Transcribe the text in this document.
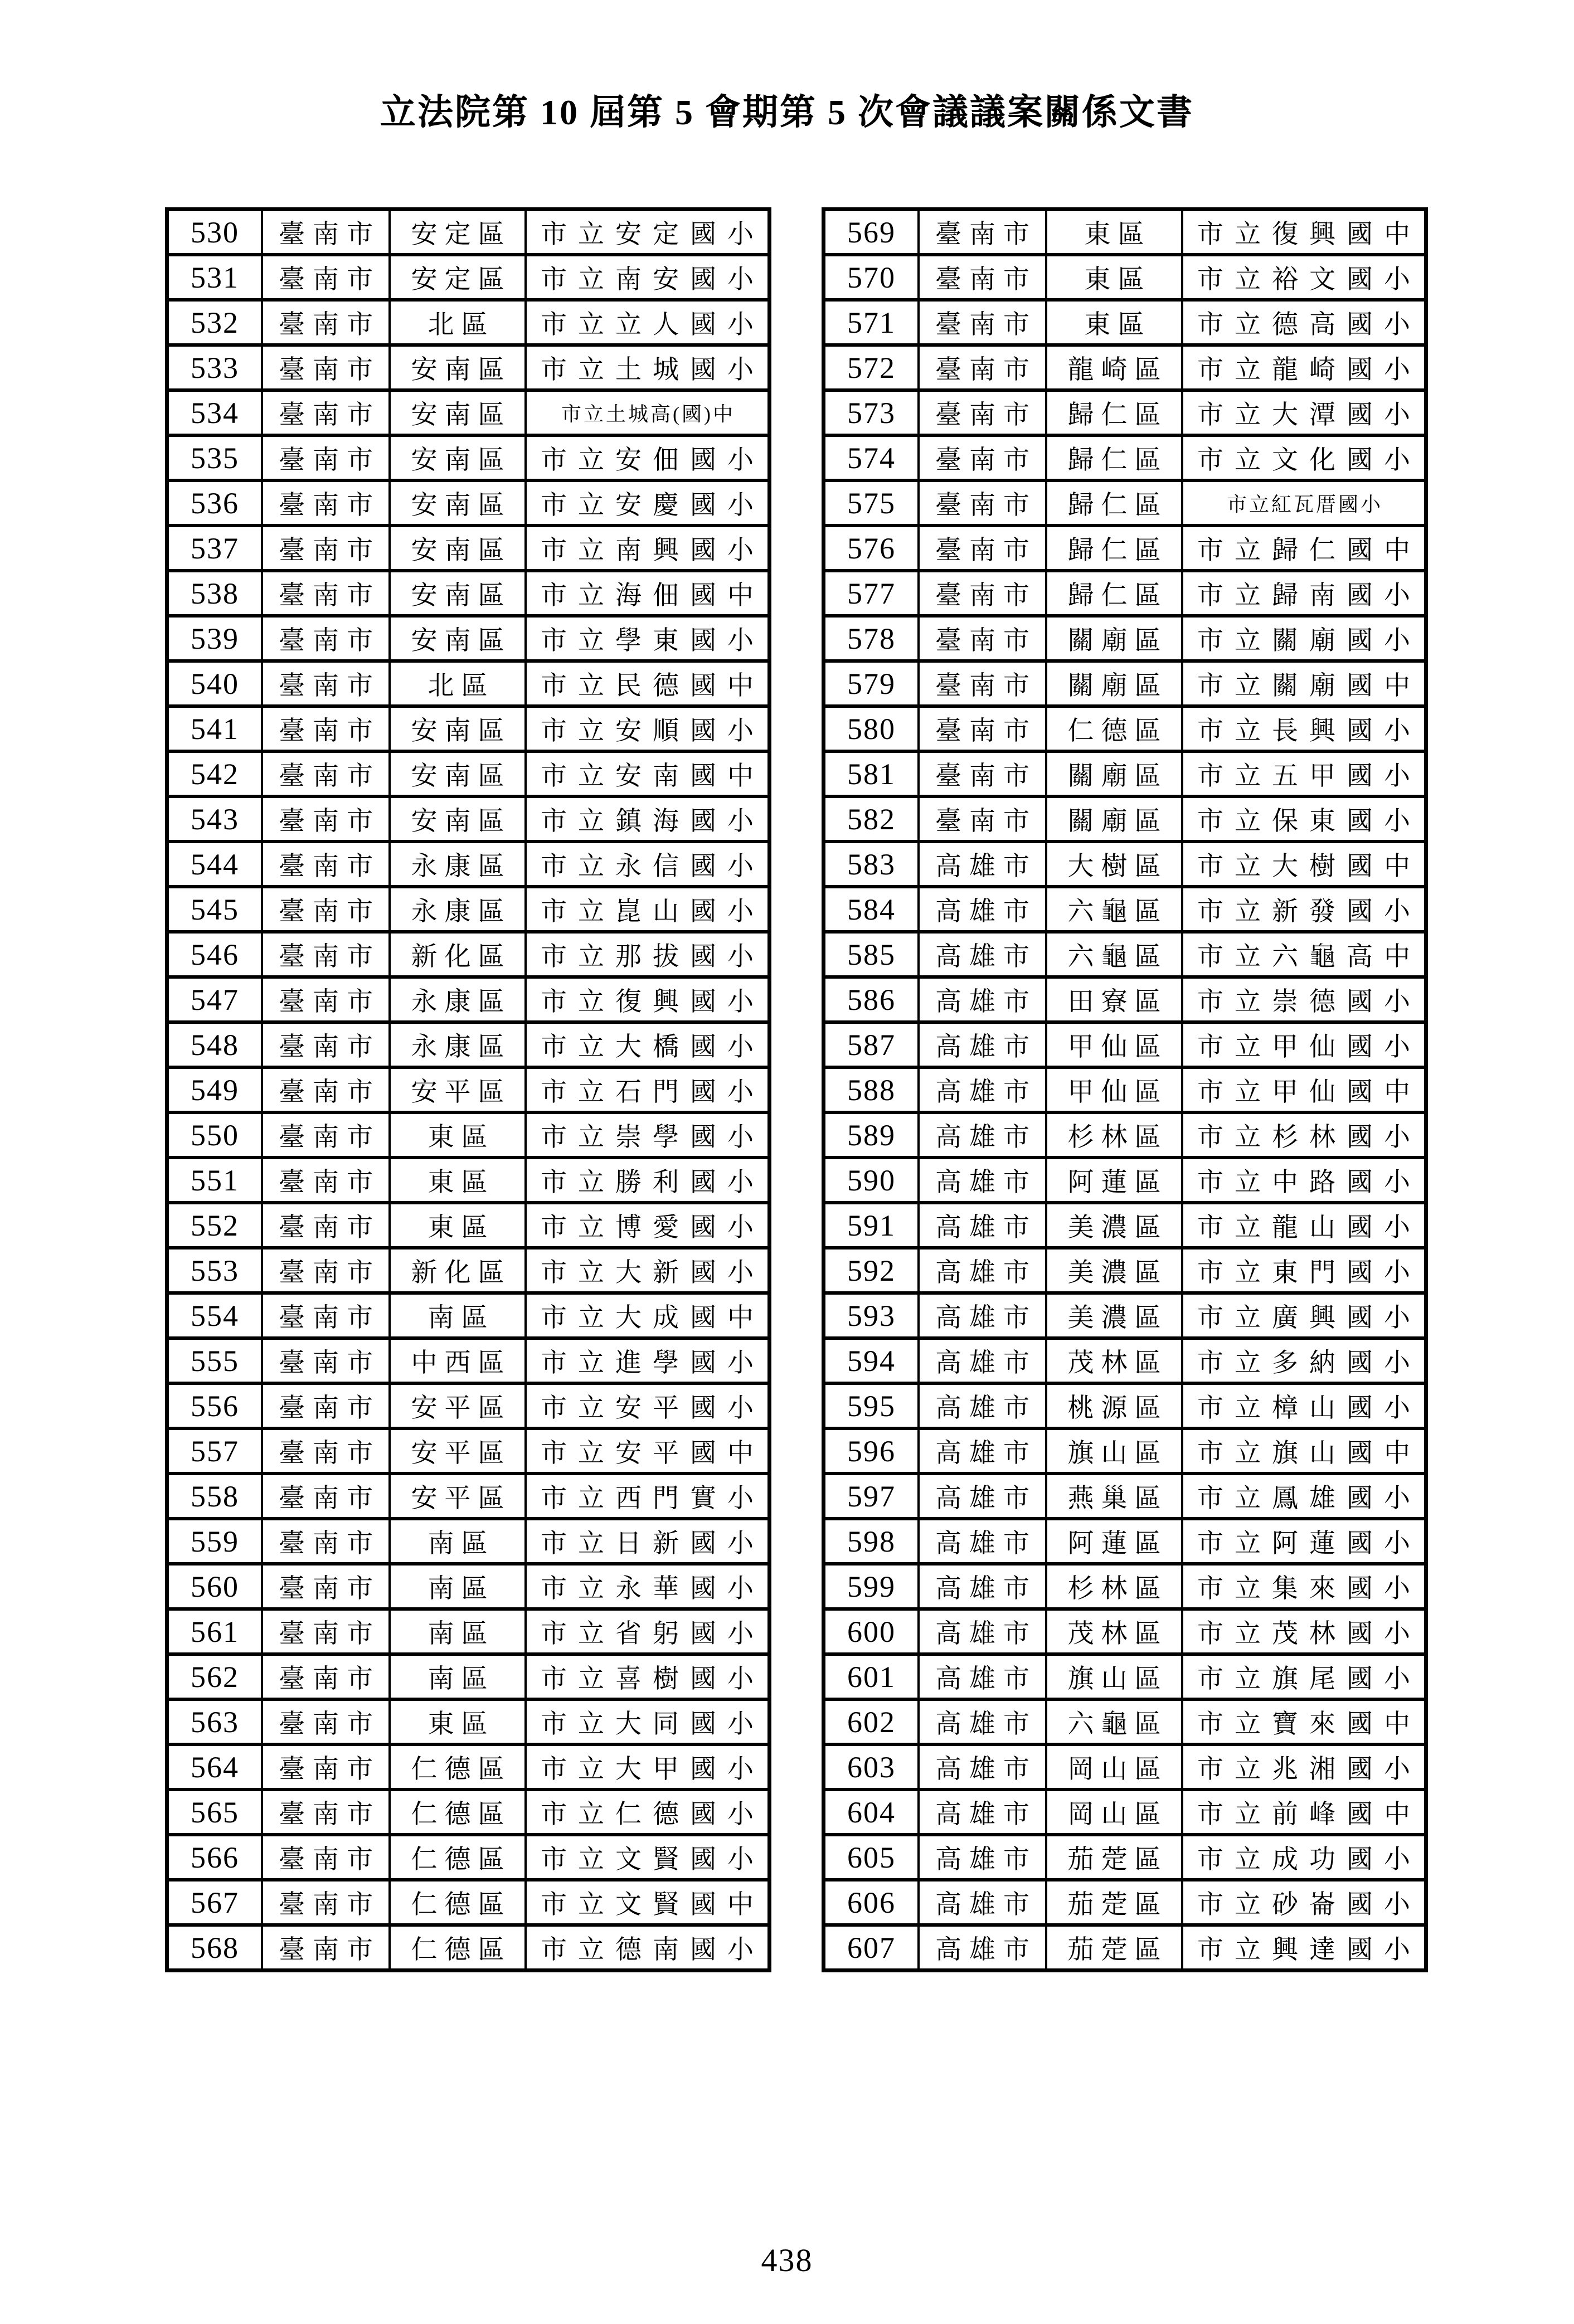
立法院第 10 屆第 5 會期第 5 次會議議案關係文書
530	臺南市	安定區	市立安定國小
531	臺南市	安定區	市立南安國小
532	臺南市	北區	市立立人國小
533	臺南市	安南區	市立土城國小
534	臺南市	安南區	市立土城高(國)中
535	臺南市	安南區	市立安佃國小
536	臺南市	安南區	市立安慶國小
537	臺南市	安南區	市立南興國小
538	臺南市	安南區	市立海佃國中
539	臺南市	安南區	市立學東國小
540	臺南市	北區	市立民德國中
541	臺南市	安南區	市立安順國小
542	臺南市	安南區	市立安南國中
543	臺南市	安南區	市立鎮海國小
544	臺南市	永康區	市立永信國小
545	臺南市	永康區	市立崑山國小
546	臺南市	新化區	市立那拔國小
547	臺南市	永康區	市立復興國小
548	臺南市	永康區	市立大橋國小
549	臺南市	安平區	市立石門國小
550	臺南市	東區	市立崇學國小
551	臺南市	東區	市立勝利國小
552	臺南市	東區	市立博愛國小
553	臺南市	新化區	市立大新國小
554	臺南市	南區	市立大成國中
555	臺南市	中西區	市立進學國小
556	臺南市	安平區	市立安平國小
557	臺南市	安平區	市立安平國中
558	臺南市	安平區	市立西門實小
559	臺南市	南區	市立日新國小
560	臺南市	南區	市立永華國小
561	臺南市	南區	市立省躬國小
562	臺南市	南區	市立喜樹國小
563	臺南市	東區	市立大同國小
564	臺南市	仁德區	市立大甲國小
565	臺南市	仁德區	市立仁德國小
566	臺南市	仁德區	市立文賢國小
567	臺南市	仁德區	市立文賢國中
568	臺南市	仁德區	市立德南國小
569	臺南市	東區	市立復興國中
570	臺南市	東區	市立裕文國小
571	臺南市	東區	市立德高國小
572	臺南市	龍崎區	市立龍崎國小
573	臺南市	歸仁區	市立大潭國小
574	臺南市	歸仁區	市立文化國小
575	臺南市	歸仁區	市立紅瓦厝國小
576	臺南市	歸仁區	市立歸仁國中
577	臺南市	歸仁區	市立歸南國小
578	臺南市	關廟區	市立關廟國小
579	臺南市	關廟區	市立關廟國中
580	臺南市	仁德區	市立長興國小
581	臺南市	關廟區	市立五甲國小
582	臺南市	關廟區	市立保東國小
583	高雄市	大樹區	市立大樹國中
584	高雄市	六龜區	市立新發國小
585	高雄市	六龜區	市立六龜高中
586	高雄市	田寮區	市立崇德國小
587	高雄市	甲仙區	市立甲仙國小
588	高雄市	甲仙區	市立甲仙國中
589	高雄市	杉林區	市立杉林國小
590	高雄市	阿蓮區	市立中路國小
591	高雄市	美濃區	市立龍山國小
592	高雄市	美濃區	市立東門國小
593	高雄市	美濃區	市立廣興國小
594	高雄市	茂林區	市立多納國小
595	高雄市	桃源區	市立樟山國小
596	高雄市	旗山區	市立旗山國中
597	高雄市	燕巢區	市立鳳雄國小
598	高雄市	阿蓮區	市立阿蓮國小
599	高雄市	杉林區	市立集來國小
600	高雄市	茂林區	市立茂林國小
601	高雄市	旗山區	市立旗尾國小
602	高雄市	六龜區	市立寶來國中
603	高雄市	岡山區	市立兆湘國小
604	高雄市	岡山區	市立前峰國中
605	高雄市	茄萣區	市立成功國小
606	高雄市	茄萣區	市立砂崙國小
607	高雄市	茄萣區	市立興達國小
438
